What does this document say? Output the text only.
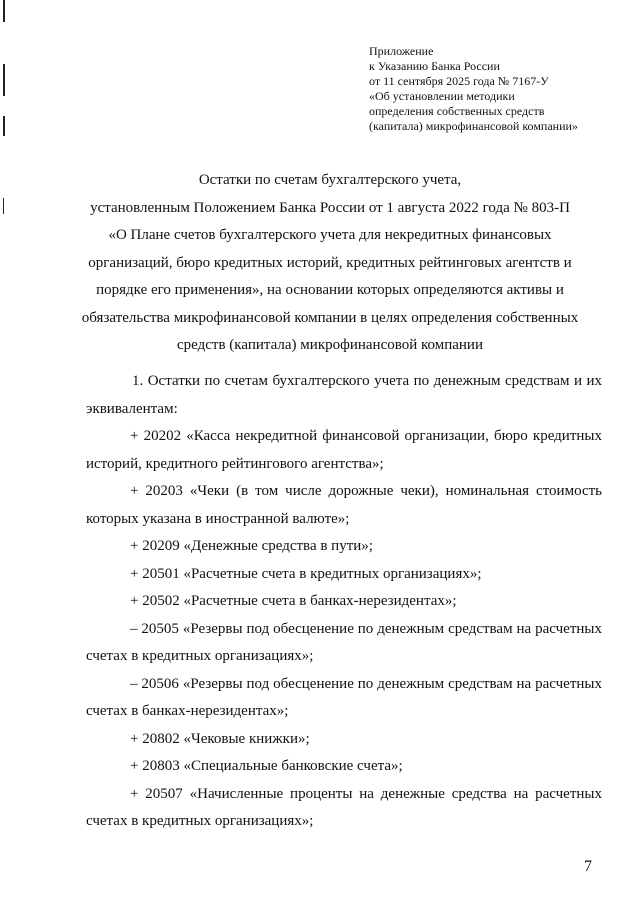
Приложение
к Указанию Банка России
от 11 сентября 2025 года № 7167-У
«Об установлении методики
определения собственных средств
(капитала) микрофинансовой компании»
Остатки по счетам бухгалтерского учета,
установленным Положением Банка России от 1 августа 2022 года № 803-П
«О Плане счетов бухгалтерского учета для некредитных финансовых
организаций, бюро кредитных историй, кредитных рейтинговых агентств и
порядке его применения», на основании которых определяются активы и
обязательства микрофинансовой компании в целях определения собственных
средств (капитала) микрофинансовой компании

1. Остатки по счетам бухгалтерского учета по денежным средствам и их эквивалентам:

+ 20202 «Касса некредитной финансовой организации, бюро кредитных историй, кредитного рейтингового агентства»;

+ 20203 «Чеки (в том числе дорожные чеки), номинальная стоимость которых указана в иностранной валюте»;

+ 20209 «Денежные средства в пути»;

+ 20501 «Расчетные счета в кредитных организациях»;

+ 20502 «Расчетные счета в банках-нерезидентах»;

– 20505 «Резервы под обесценение по денежным средствам на расчетных счетах в кредитных организациях»;

– 20506 «Резервы под обесценение по денежным средствам на расчетных счетах в банках-нерезидентах»;

+ 20802 «Чековые книжки»;

+ 20803 «Специальные банковские счета»;

+ 20507 «Начисленные проценты на денежные средства на расчетных счетах в кредитных организациях»;

7
